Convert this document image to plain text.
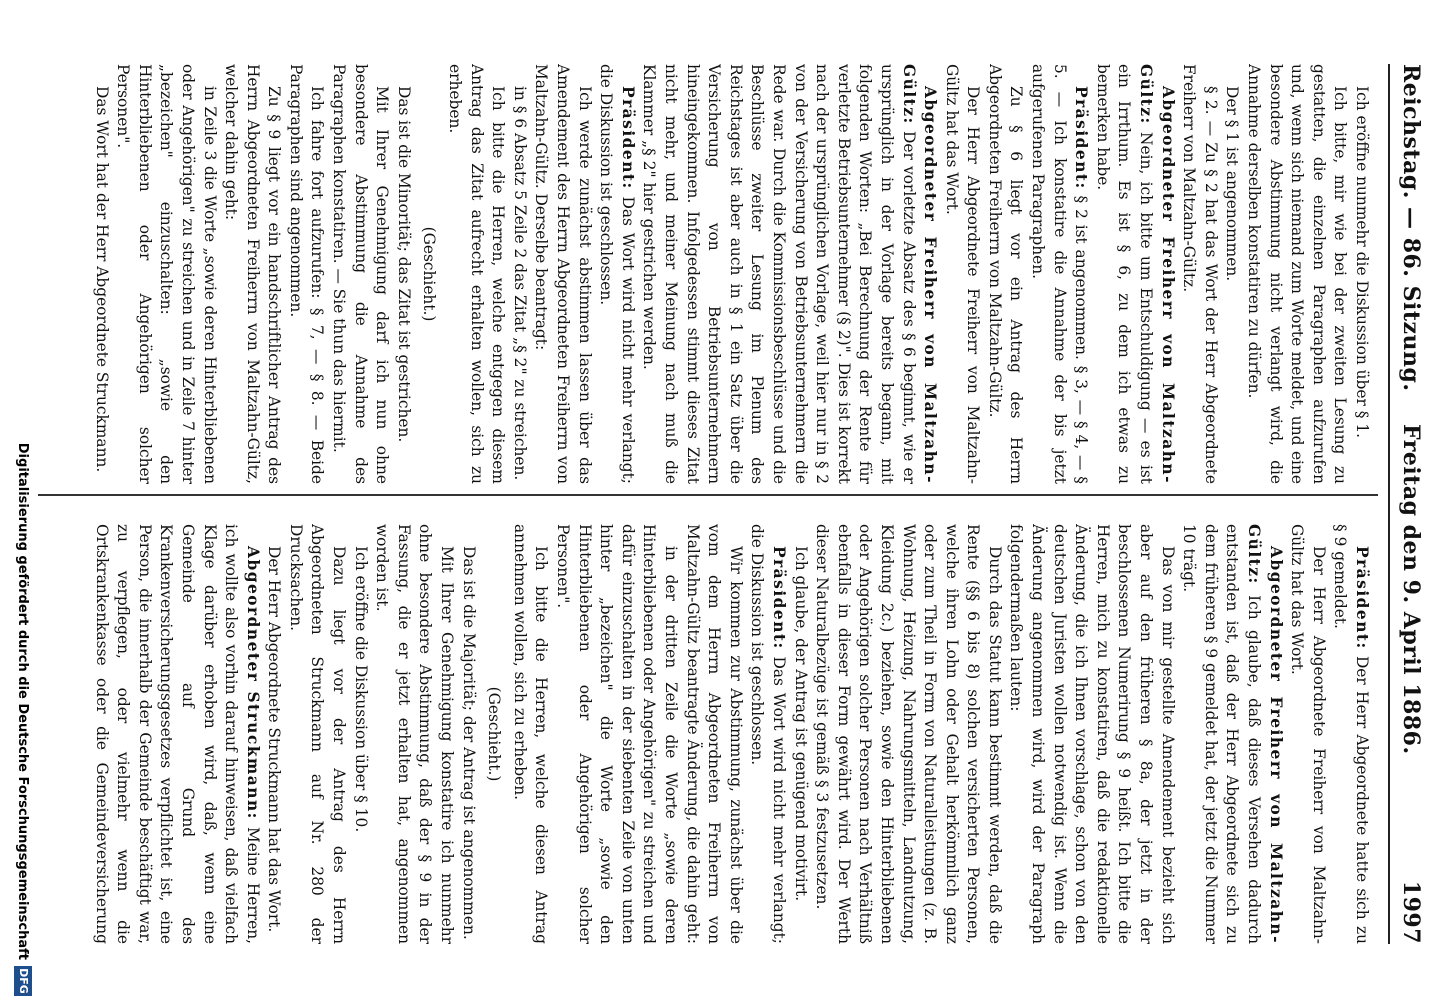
Reichstag. — 86. Sitzung.
Freitag den 9. April 1886.
1997

Ich eröffne nunmehr die Diskussion über § 1.

Ich bitte, mir wie bei der zweiten Lesung zu gestatten, die einzelnen Paragraphen aufzurufen und, wenn sich niemand zum Worte meldet, und eine besondere Abstimmung nicht verlangt wird, die Annahme derselben konstatiren zu dürfen.

Der § 1 ist angenommen.

§ 2. — Zu § 2 hat das Wort der Herr Abgeordnete Freiherr von Maltzahn-Gültz.

Abgeordneter Freiherr von Maltzahn-Gültz: Nein, ich bitte um Entschuldigung — es ist ein Irrthum. Es ist § 6, zu dem ich etwas zu bemerken habe.

Präsident: § 2 ist angenommen. § 3, — § 4, — § 5. — Ich konstatire die Annahme der bis jetzt aufgerufenen Paragraphen.

Zu § 6 liegt vor ein Antrag des Herrn Abgeordneten Freiherrn von Maltzahn-Gültz.

Der Herr Abgeordnete Freiherr von Maltzahn-Gültz hat das Wort.

Abgeordneter Freiherr von Maltzahn-Gültz: Der vorletzte Absatz des § 6 beginnt, wie er ursprünglich in der Vorlage bereits begann, mit folgenden Worten: „Bei Berechnung der Rente für verletzte Betriebsunternehmer (§ 2)". Dies ist korrekt nach der ursprünglichen Vorlage, weil hier nur in § 2 von der Versicherung von Betriebsunternehmern die Rede war. Durch die Kommissionsbeschlüsse und die Beschlüsse zweiter Lesung im Plenum des Reichstages ist aber auch in § 1 ein Satz über die Versicherung von Betriebsunternehmern hineingekommen. Infolgedessen stimmt dieses Zitat nicht mehr, und meiner Meinung nach muß die Klammer „§ 2" hier gestrichen werden.

Präsident: Das Wort wird nicht mehr verlangt; die Diskussion ist geschlossen.

Ich werde zunächst abstimmen lassen über das Amendement des Herrn Abgeordneten Freiherrn von Maltzahn-Gültz. Derselbe beantragt:

in § 6 Absatz 5 Zeile 2 das Zitat „§ 2" zu streichen.

Ich bitte die Herren, welche entgegen diesem Antrag das Zitat aufrecht erhalten wollen, sich zu erheben.

(Geschieht.)

Das ist die Minorität; das Zitat ist gestrichen.

Mit Ihrer Genehmigung darf ich nun ohne besondere Abstimmung die Annahme des Paragraphen konstatiren. — Sie thun das hiermit.

Ich fahre fort aufzurufen: § 7, — § 8. — Beide Paragraphen sind angenommen.

Zu § 9 liegt vor ein handschriftlicher Antrag des Herrn Abgeordneten Freiherrn von Maltzahn-Gültz, welcher dahin geht:

in Zeile 3 die Worte „sowie deren Hinterbliebenen oder Angehörigen" zu streichen und in Zeile 7 hinter „bezeichen" einzuschalten: „sowie den Hinterbliebenen oder Angehörigen solcher Personen".

Das Wort hat der Herr Abgeordnete Struckmann.

Präsident: Der Herr Abgeordnete hatte sich zu § 9 gemeldet.

Der Herr Abgeordnete Freiherr von Maltzahn-Gültz hat das Wort.

Abgeordneter Freiherr von Maltzahn-Gültz: Ich glaube, daß dieses Versehen dadurch entstanden ist, daß der Herr Abgeordnete sich zu dem früheren § 9 gemeldet hat, der jetzt die Nummer 10 trägt.

Das von mir gestellte Amendement bezieht sich aber auf den früheren § 8a, der jetzt in der beschlossenen Numerirung § 9 heißt. Ich bitte die Herren, mich zu konstatiren, daß die redaktionelle Änderung, die ich Ihnen vorschlage, schon von den deutschen Juristen wollen notwendig ist. Wenn die Änderung angenommen wird, wird der Paragraph folgendermaßen lauten:

Durch das Statut kann bestimmt werden, daß die Rente (§§ 6 bis 8) solchen versicherten Personen, welche ihren Lohn oder Gehalt herkömmlich ganz oder zum Theil in Form von Naturalleistungen (z. B. Wohnung, Heizung, Nahrungsmitteln, Landnutzung, Kleidung 2c.) beziehen, sowie den Hinterbliebenen oder Angehörigen solcher Personen nach Verhältniß ebenfalls in dieser Form gewährt wird. Der Werth dieser Naturalbezüge ist gemäß § 3 festzusetzen.

Ich glaube, der Antrag ist genügend motivirt.

Präsident: Das Wort wird nicht mehr verlangt; die Diskussion ist geschlossen.

Wir kommen zur Abstimmung, zunächst über die vom dem Herrn Abgeordneten Freiherrn von Maltzahn-Gültz beantragte Änderung, die dahin geht:

in der dritten Zeile die Worte „sowie deren Hinterbliebenen oder Angehörigen" zu streichen und dafür einzuschalten in der siebenten Zeile von unten hinter „bezeichen" die Worte „sowie den Hinterbliebenen oder Angehörigen solcher Personen".

Ich bitte die Herren, welche diesen Antrag annehmen wollen, sich zu erheben.

(Geschieht.)

Das ist die Majorität; der Antrag ist angenommen.

Mit Ihrer Genehmigung konstatire ich nunmehr ohne besondere Abstimmung, daß der § 9 in der Fassung, die er jetzt erhalten hat, angenommen worden ist.

Ich eröffne die Diskussion über § 10.

Dazu liegt vor der Antrag des Herrn Abgeordneten Struckmann auf Nr. 280 der Drucksachen.

Der Herr Abgeordnete Struckmann hat das Wort.

Abgeordneter Struckmann: Meine Herren, ich wollte also vorhin darauf hinweisen, daß vielfach Klage darüber erhoben wird, daß, wenn eine Gemeinde auf Grund des Krankenversicherungsgesetzes verpflichtet ist, eine Person, die innerhalb der Gemeinde beschäftigt war, zu verpflegen, oder vielmehr wenn die Ortskrankenkasse oder die Gemeindeversicherung

Digitalisierung gefördert durch die Deutsche Forschungsgemeinschaft
DFG
